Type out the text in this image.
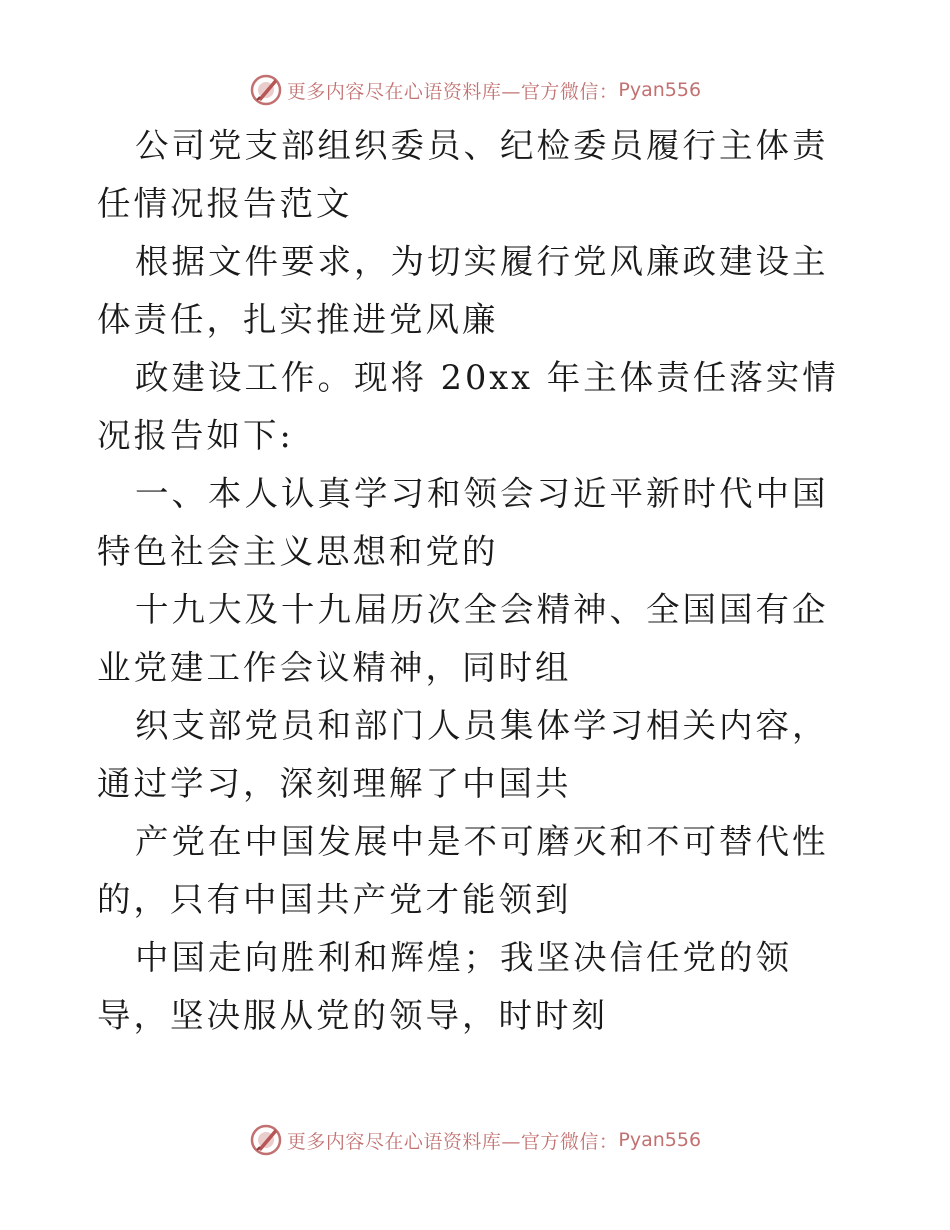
更多内容尽在心语资料库—官方微信： Pyan556

公司党支部组织委员、纪检委员履行主体责任情况报告范文

根据文件要求，为切实履行党风廉政建设主体责任，扎实推进党风廉

政建设工作。现将 20xx 年主体责任落实情况报告如下:

一、本人认真学习和领会习近平新时代中国特色社会主义思想和党的

十九大及十九届历次全会精神、全国国有企业党建工作会议精神，同时组

织支部党员和部门人员集体学习相关内容，通过学习，深刻理解了中国共

产党在中国发展中是不可磨灭和不可替代性的，只有中国共产党才能领到

中国走向胜利和辉煌；我坚决信任党的领导，坚决服从党的领导，时时刻

更多内容尽在心语资料库—官方微信： Pyan556
